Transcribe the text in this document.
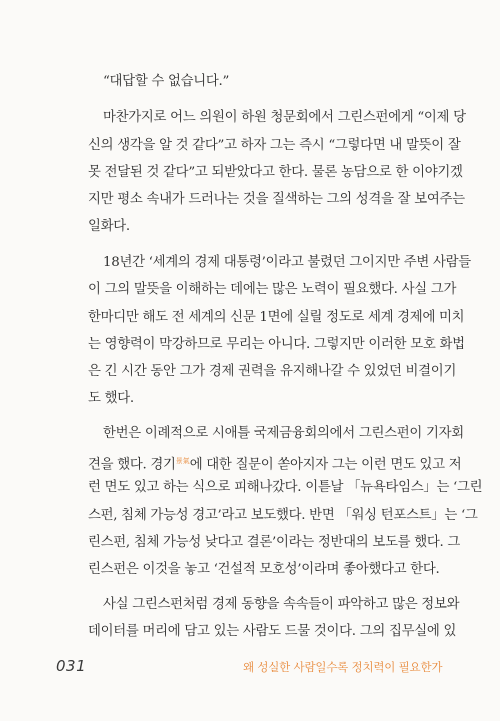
“대답할 수 없습니다.”
마찬가지로 어느 의원이 하원 청문회에서 그린스펀에게 “이제 당
신의 생각을 알 것 같다”고 하자 그는 즉시 “그렇다면 내 말뜻이 잘
못 전달된 것 같다”고 되받았다고 한다. 물론 농담으로 한 이야기겠
지만 평소 속내가 드러나는 것을 질색하는 그의 성격을 잘 보여주는
일화다.
18년간 ‘세계의 경제 대통령’이라고 불렸던 그이지만 주변 사람들
이 그의 말뜻을 이해하는 데에는 많은 노력이 필요했다. 사실 그가
한마디만 해도 전 세계의 신문 1면에 실릴 정도로 세계 경제에 미치
는 영향력이 막강하므로 무리는 아니다. 그렇지만 이러한 모호 화법
은 긴 시간 동안 그가 경제 권력을 유지해나갈 수 있었던 비결이기
도 했다.
한번은 이례적으로 시애틀 국제금융회의에서 그린스펀이 기자회
견을 했다. 경기$^{景氣}$에 대한 질문이 쏟아지자 그는 이런 면도 있고 저
런 면도 있고 하는 식으로 피해나갔다. 이튿날 「뉴욕타임스」는 ‘그린
스펀, 침체 가능성 경고’라고 보도했다. 반면 「워싱 턴포스트」는 ‘그
린스펀, 침체 가능성 낮다고 결론’이라는 정반대의 보도를 했다. 그
린스펀은 이것을 놓고 ‘건설적 모호성’이라며 좋아했다고 한다.
사실 그린스펀처럼 경제 동향을 속속들이 파악하고 많은 정보와
데이터를 머리에 담고 있는 사람도 드물 것이다. 그의 집무실에 있
031	왜 성실한 사람일수록 정치력이 필요한가
